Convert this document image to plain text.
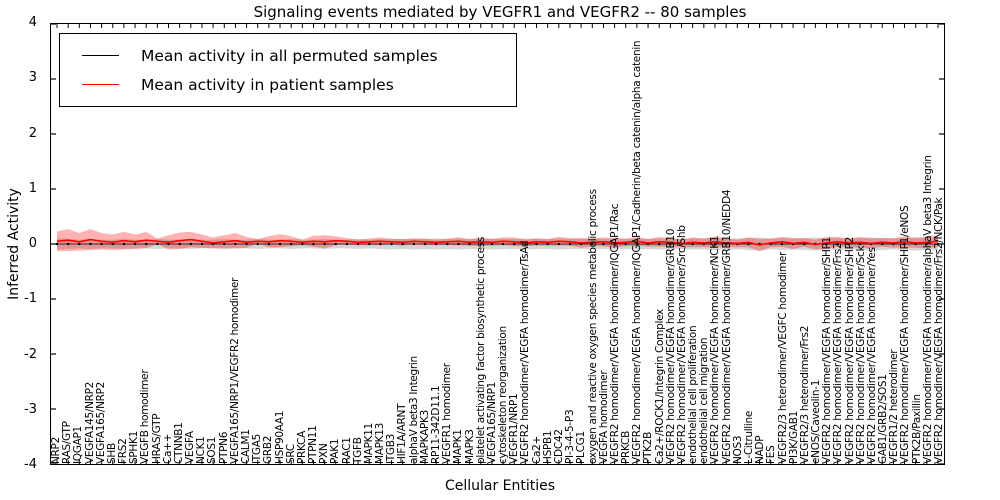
Signaling events mediated by VEGFR1 and VEGFR2 -- 80 samples
Inferred Activity
4
3
2
1
0
-1
-2
-3
-4
NRP2 RAS/GTP IQGAP1 VEGFA145/NRP2 VEGFA165/NRP2 SHB FRS2 SPHK1 VEGFB homodimer HRAS/GTP Ca++ CTNNB1 VEGFA NCK1 SOS1 PTPN6 VEGFA165/NRP1/VEGFR2 homodimer CALM1 ITGA5 GRB2 HSP90AA1 SRC PRKCA PTPN11 PXN PAK1 RAC1 TGFB MAPK11 MAPK13 ITGB3 HIF1A/ARNT alphaV beta3 Integrin MAPKAPK3 RP11-342D11.1 VEGFR1 homodimer MAPK1 MAPK3 platelet activating factor biosynthetic process VEGFA165/NRP1 cytoskeleton reorganization VEGFR1/NRP1 VEGFR2 homodimer/VEGFA homodimer/TsAd Ca2+ HSPB1 CDC42 PI-3-4-5-P3 PLCG1 oxygen and reactive oxygen species metabolic process VEGFA homodimer VEGFR2 homodimer/VEGFA homodimer/IQGAP1/Rac PRKCB VEGFR2 homodimer/VEGFA homodimer/IQGAP1/Cadherin/beta catenin/alpha catenin PTK2B Ca2+/ROCK1/Integrin Complex VEGFR2 homodimer/VEGFA homodimer/GRB10 VEGFR2 homodimer/VEGFA homodimer/Src/Shb endothelial cell proliferation endothelial cell migration VEGFR2 homodimer/VEGFA homodimer/NCK1 VEGFR2 homodimer/VEGFA homodimer/GRB10/NEDD4 NOS3 L-Citrulline NADP FES VEGFR2/3 heterodimer/VEGFC homodimer PI3K/GAB1 VEGFR2/3 heterodimer/Frs2 eNOS/Caveolin-1 VEGFR2 homodimer/VEGFA homodimer/SHP1 VEGFR2 homodimer/VEGFA homodimer/Frs2 VEGFR2 homodimer/VEGFA homodimer/SHP2 VEGFR2 homodimer/VEGFA homodimer/Sck VEGFR2 homodimer/VEGFA homodimer/Yes GAB1/GRB2/SOS1 VEGFR1/2 heterodimer VEGFR2 homodimer/VEGFA homodimer/SHP1/eNOS PTK2B/Paxillin VEGFR2 homodimer/VEGFA homodimer/alphaV beta3 Integrin VEGFR2 homodimer/VEGFA homodimer/Frs2/NCK/Pak
Mean activity in all permuted samples
Mean activity in patient samples
Cellular Entities
